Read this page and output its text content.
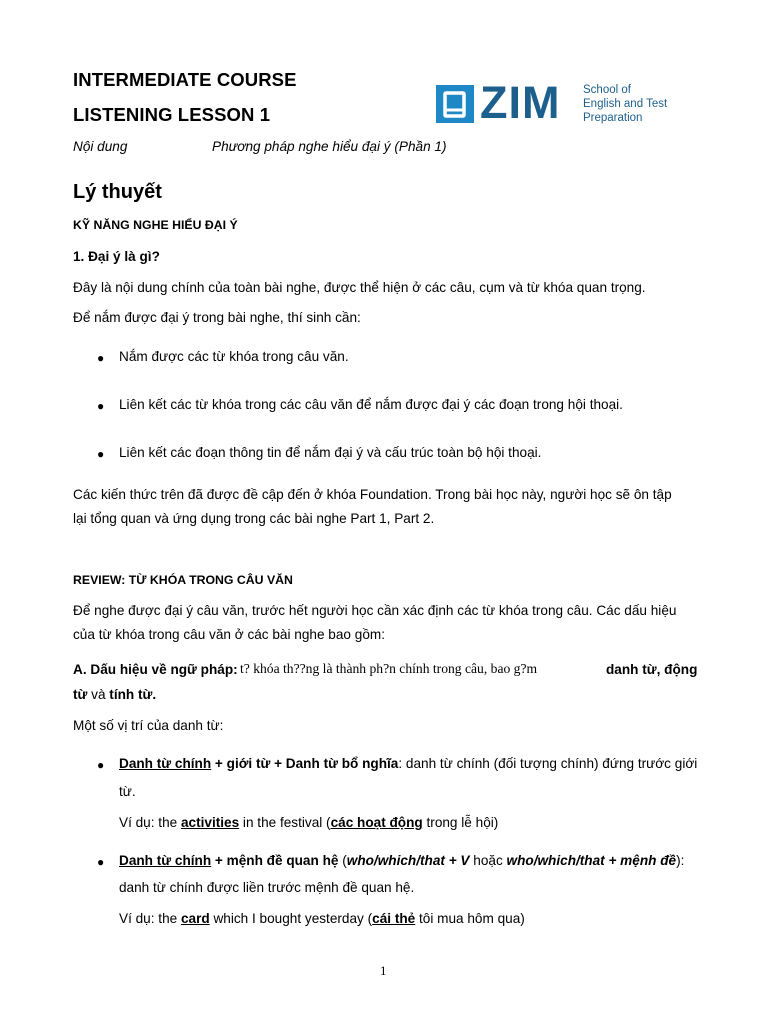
INTERMEDIATE COURSE
LISTENING LESSON 1
Nội dung	Phương pháp nghe hiểu đại ý (Phần 1)
ZIM School of
English and Test
Preparation
Lý thuyết
KỸ NĂNG NGHE HIỂU ĐẠI Ý
1. Đại ý là gì?
Đây là nội dung chính của toàn bài nghe, được thể hiện ở các câu, cụm và từ khóa quan trọng.
Để nắm được đại ý trong bài nghe, thí sinh cần:
● Nắm được các từ khóa trong câu văn.
● Liên kết các từ khóa trong các câu văn để nắm được đại ý các đoạn trong hội thoại.
● Liên kết các đoạn thông tin để nắm đại ý và cấu trúc toàn bộ hội thoại.
Các kiến thức trên đã được đề cập đến ở khóa Foundation. Trong bài học này, người học sẽ ôn tập
lại tổng quan và ứng dụng trong các bài nghe Part 1, Part 2.
REVIEW: TỪ KHÓA TRONG CÂU VĂN
Để nghe được đại ý câu văn, trước hết người học cần xác định các từ khóa trong câu. Các dấu hiệu
của từ khóa trong câu văn ở các bài nghe bao gồm:
A. Dấu hiệu về ngữ pháp: t? khóa th??ng là thành ph?n chính trong câu, bao g?m	danh từ, động
từ và tính từ.
Một số vị trí của danh từ:
● Danh từ chính + giới từ + Danh từ bổ nghĩa: danh từ chính (đối tượng chính) đứng trước giới
từ.
Ví dụ: the activities in the festival (các hoạt động trong lễ hội)
● Danh từ chính + mệnh đề quan hệ (who/which/that + V hoặc who/which/that + mệnh đề):
danh từ chính được liền trước mệnh đề quan hệ.
Ví dụ: the card which I bought yesterday (cái thẻ tôi mua hôm qua)
1
